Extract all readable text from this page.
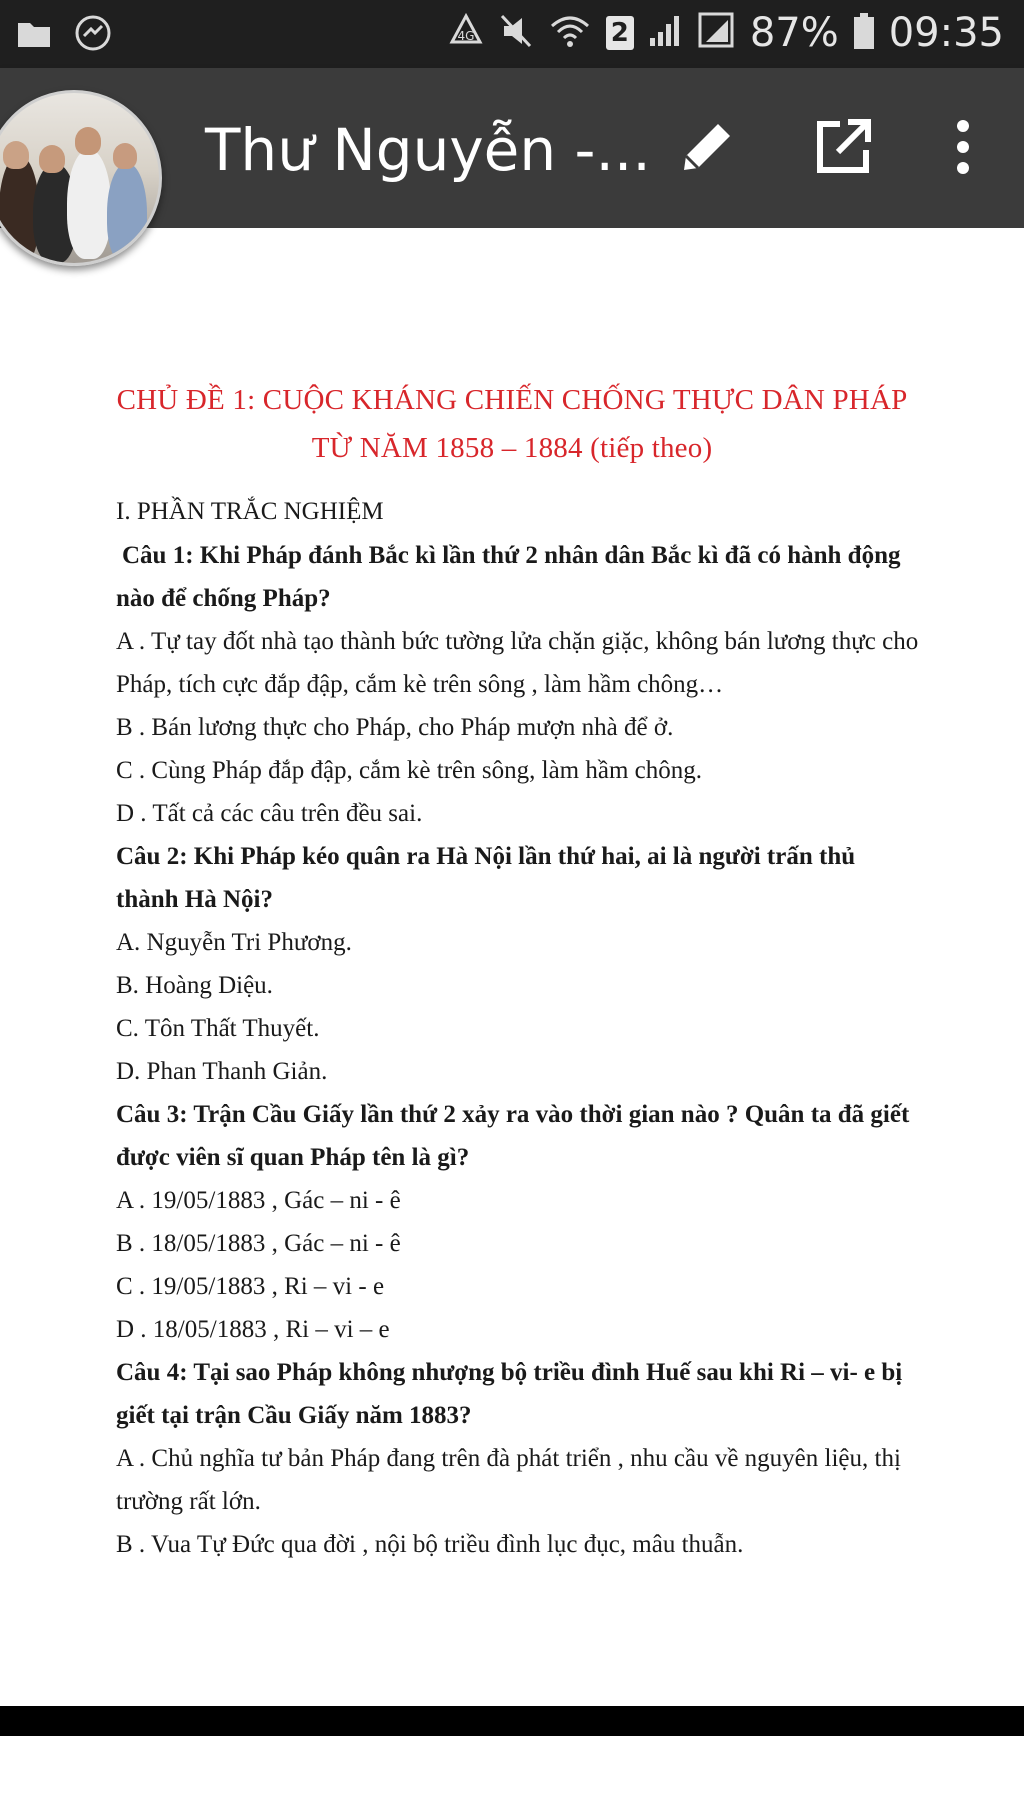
4G	2	87% 09:35
Thư Nguyễn -...
CHỦ ĐỀ 1: CUỘC KHÁNG CHIẾN CHỐNG THỰC DÂN PHÁP
TỪ NĂM 1858 – 1884 (tiếp theo)
I. PHẦN TRẮC NGHIỆM
Câu 1: Khi Pháp đánh Bắc kì lần thứ 2 nhân dân Bắc kì đã có hành động
nào để chống Pháp?
A . Tự tay đốt nhà tạo thành bức tường lửa chặn giặc, không bán lương thực cho
Pháp, tích cực đắp đập, cắm kè trên sông , làm hầm chông…
B . Bán lương thực cho Pháp, cho Pháp mượn nhà để ở.
C . Cùng Pháp đắp đập, cắm kè trên sông, làm hầm chông.
D . Tất cả các câu trên đều sai.
Câu 2: Khi Pháp kéo quân ra Hà Nội lần thứ hai, ai là người trấn thủ
thành Hà Nội?
A. Nguyễn Tri Phương.
B. Hoàng Diệu.
C. Tôn Thất Thuyết.
D. Phan Thanh Giản.
Câu 3: Trận Cầu Giấy lần thứ 2 xảy ra vào thời gian nào ? Quân ta đã giết
được viên sĩ quan Pháp tên là gì?
A . 19/05/1883 , Gác – ni - ê
B . 18/05/1883 , Gác – ni - ê
C . 19/05/1883 , Ri – vi - e
D . 18/05/1883 , Ri – vi – e
Câu 4: Tại sao Pháp không nhượng bộ triều đình Huế sau khi Ri – vi- e bị
giết tại trận Cầu Giấy năm 1883?
A . Chủ nghĩa tư bản Pháp đang trên đà phát triển , nhu cầu về nguyên liệu, thị
trường rất lớn.
B . Vua Tự Đức qua đời , nội bộ triều đình lục đục, mâu thuẫn.
